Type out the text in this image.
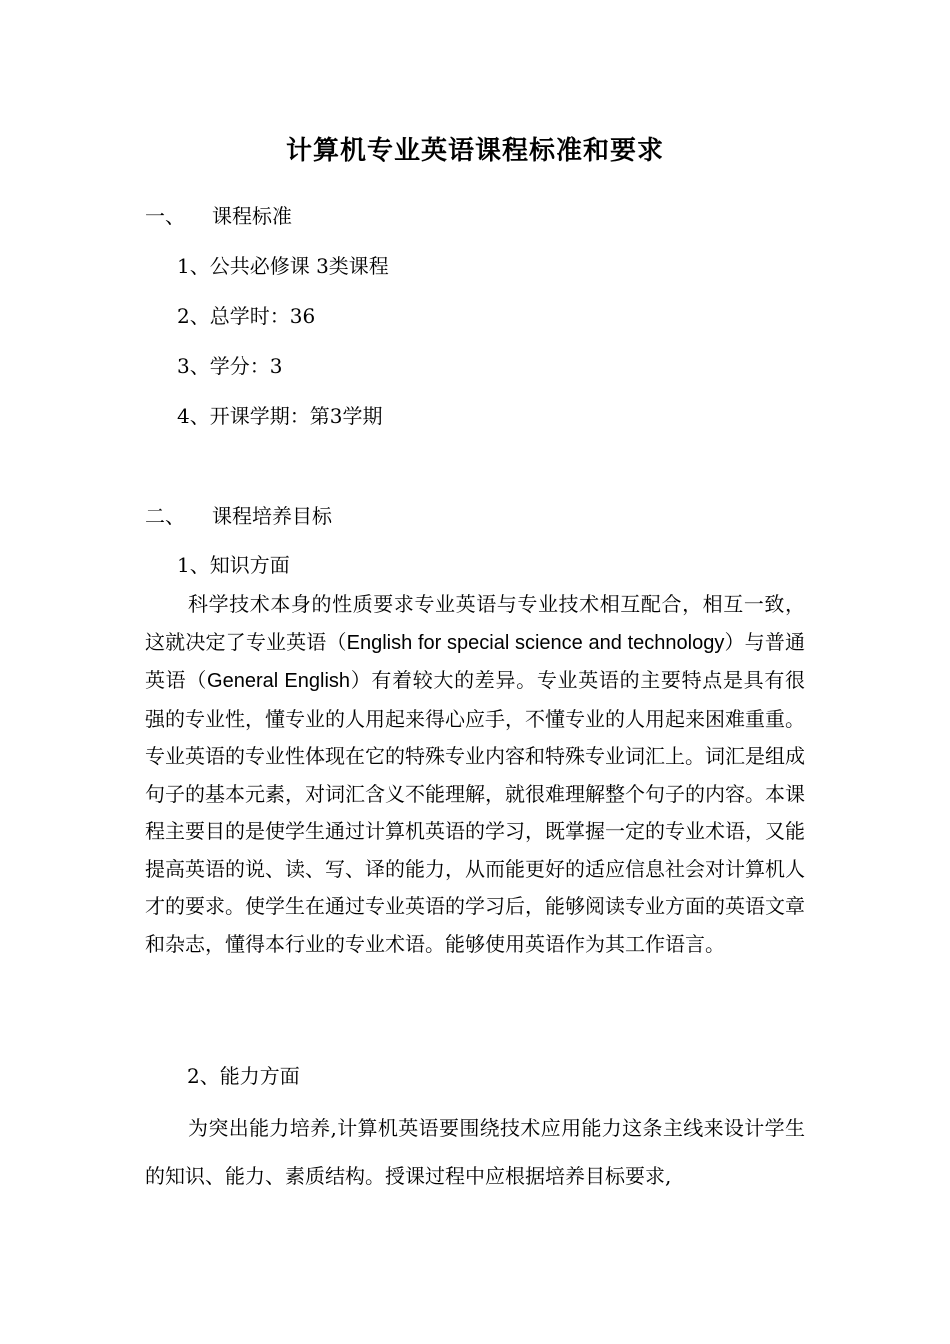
计算机专业英语课程标准和要求
一、 课程标准
1、公共必修课 3类课程
2、总学时：36
3、学分：3
4、开课学期：第3学期
二、 课程培养目标
1、知识方面
科学技术本身的性质要求专业英语与专业技术相互配合，相互一致，这就决定了专业英语（English for special science and technology）与普通英语（General English）有着较大的差异。专业英语的主要特点是具有很强的专业性，懂专业的人用起来得心应手，不懂专业的人用起来困难重重。专业英语的专业性体现在它的特殊专业内容和特殊专业词汇上。词汇是组成句子的基本元素，对词汇含义不能理解，就很难理解整个句子的内容。本课程主要目的是使学生通过计算机英语的学习，既掌握一定的专业术语，又能提高英语的说、读、写、译的能力，从而能更好的适应信息社会对计算机人才的要求。使学生在通过专业英语的学习后，能够阅读专业方面的英语文章和杂志，懂得本行业的专业术语。能够使用英语作为其工作语言。
2、能力方面
为突出能力培养,计算机英语要围绕技术应用能力这条主线来设计学生的知识、能力、素质结构。授课过程中应根据培养目标要求,
